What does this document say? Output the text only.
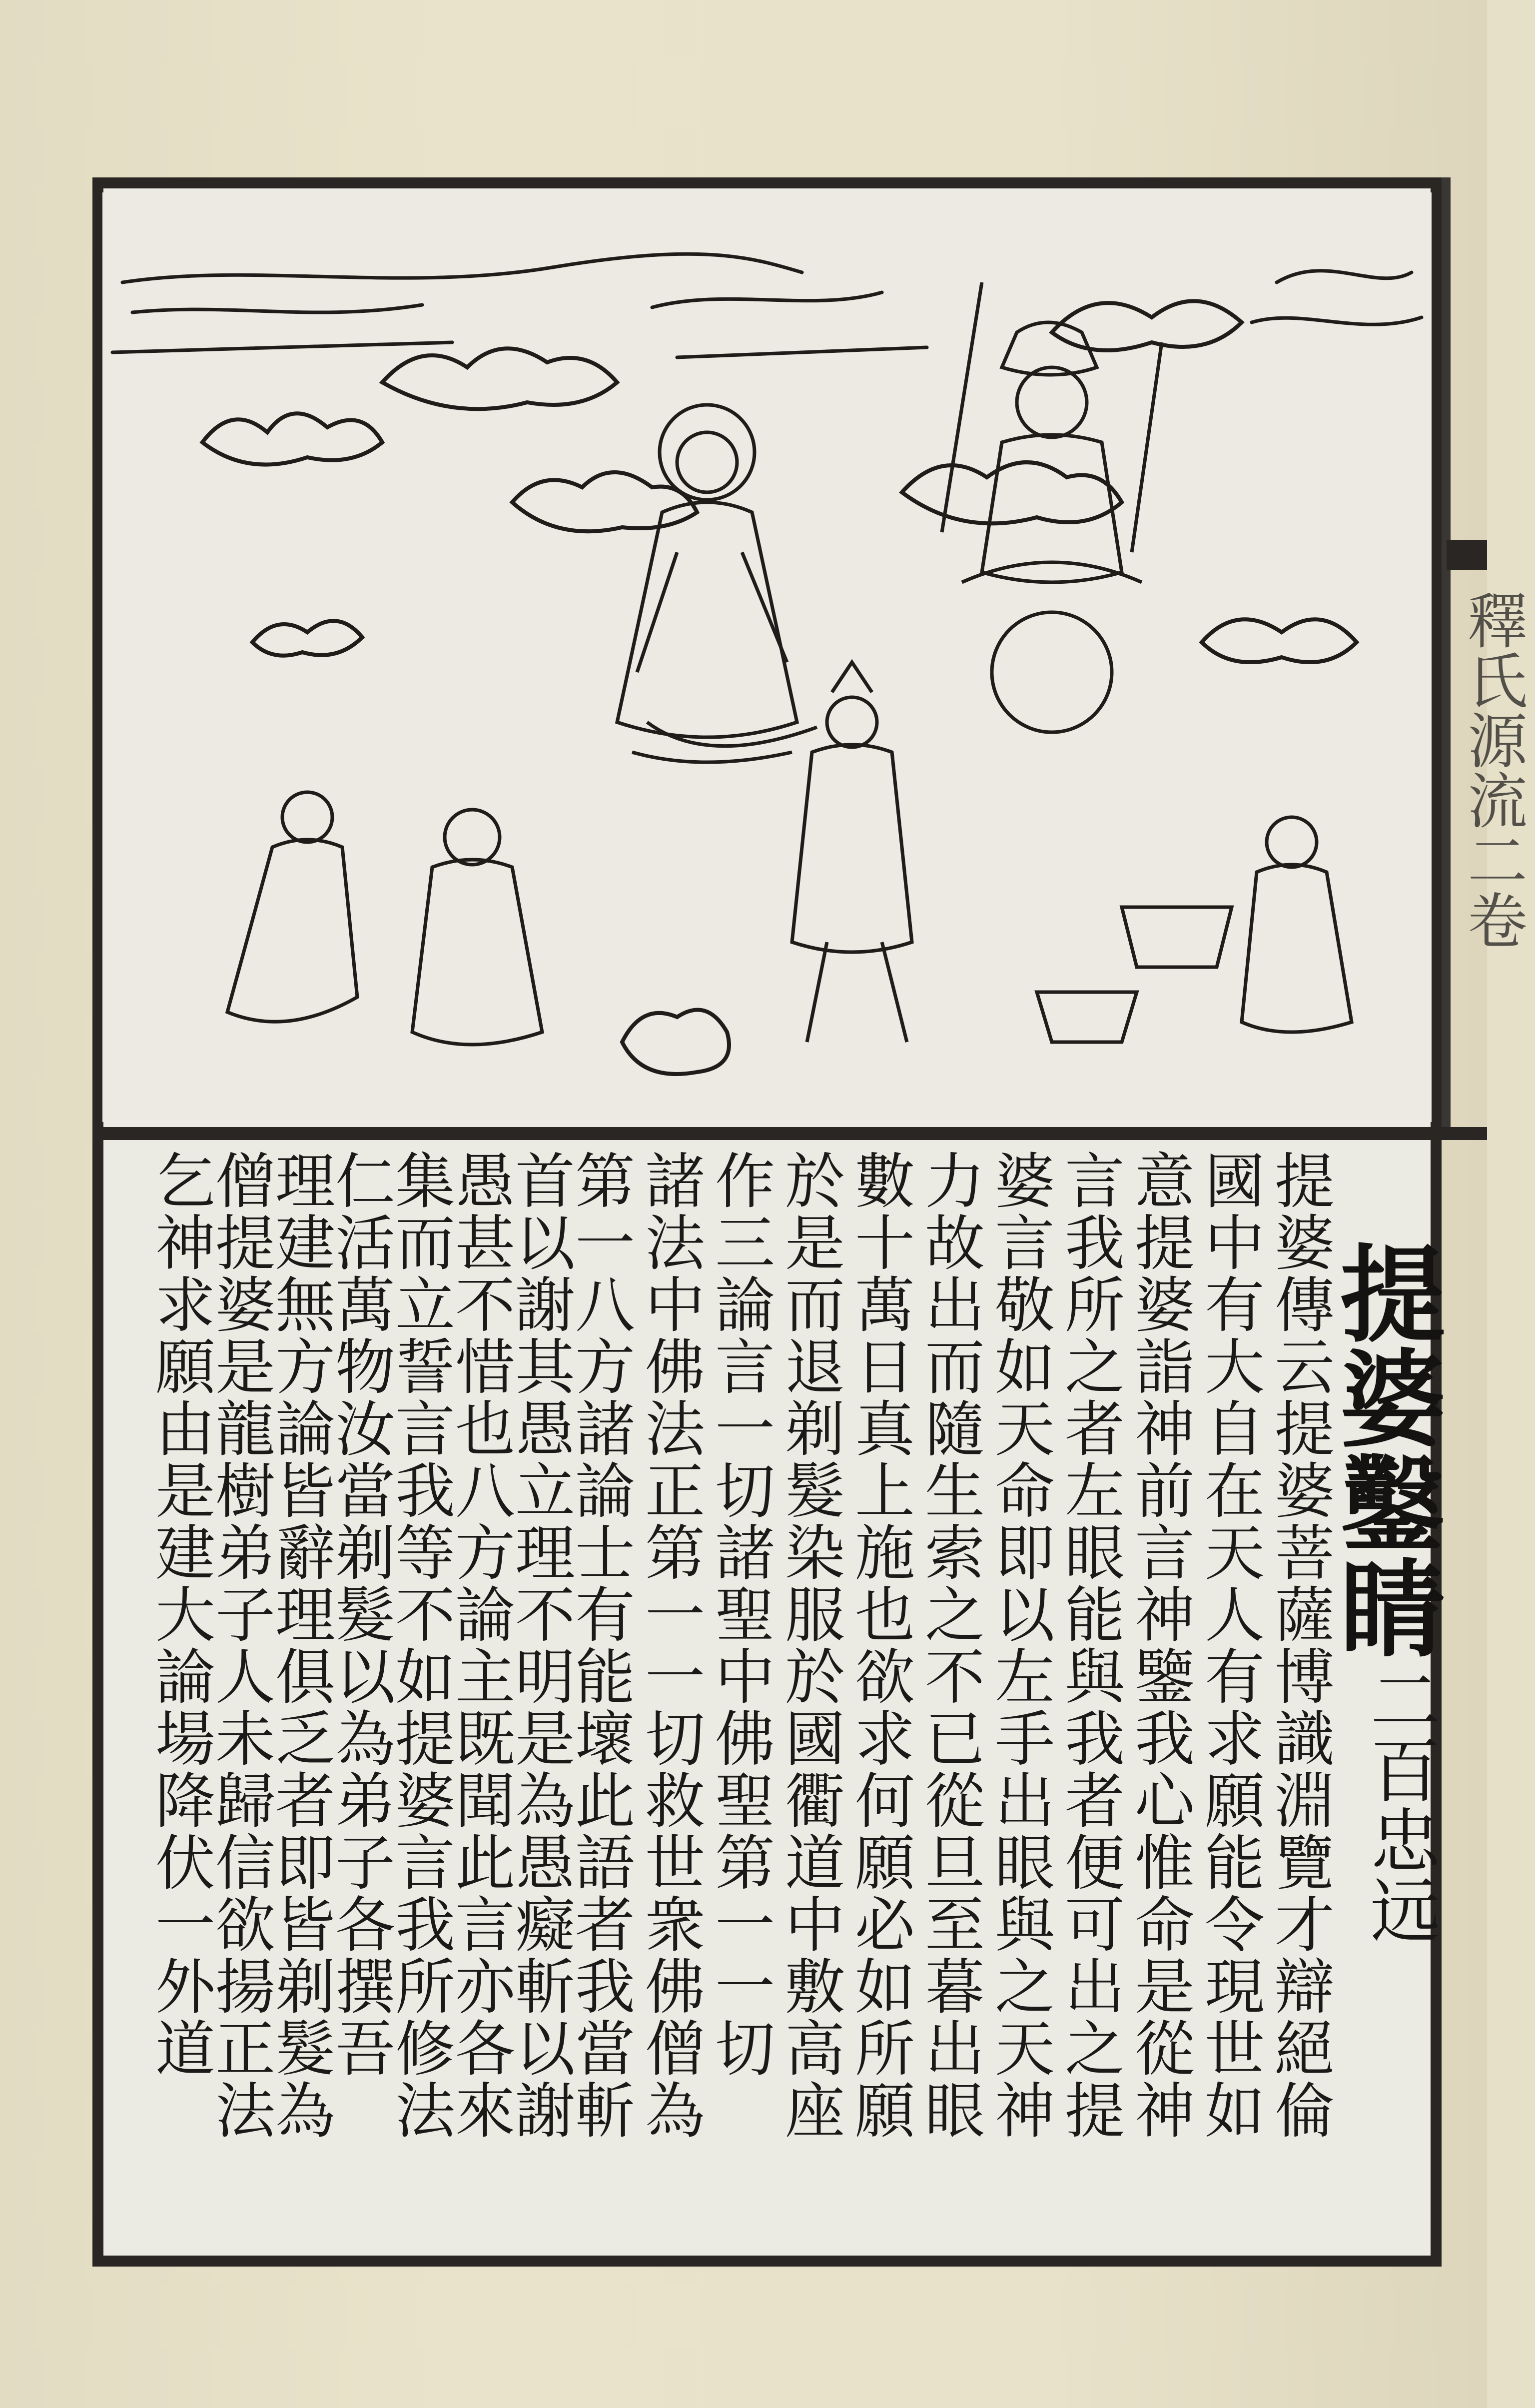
釋氏源流二卷
提婆鑿睛
二百忠远
提婆傳云提婆菩薩博識淵覽才辯絕倫
國中有大自在天人有求願能令現世如
意提婆詣神前言神鑒我心惟命是從神
言我所之者左眼能與我者便可出之提
婆言敬如天命即以左手出眼與之天神
力故出而隨生索之不已從旦至暮出眼
數十萬日真上施也欲求何願必如所願
於是而退剃髮染服於國衢道中敷高座
作三論言一切諸聖中佛聖第一一切
諸法中佛法正第一一切救世衆佛僧為
第一八方諸論士有能壞此語者我當斬
首以謝其愚立理不明是為愚癡斬以謝
愚甚不惜也八方論主既聞此言亦各來
集而立誓言我等不如提婆言我所修法
仁活萬物汝當剃髮以為弟子各撰吾
理建無方論皆辭理俱乏者即皆剃髮為
僧提婆是龍樹弟子人未歸信欲揚正法
乞神求願由是建大論場降伏一外道
